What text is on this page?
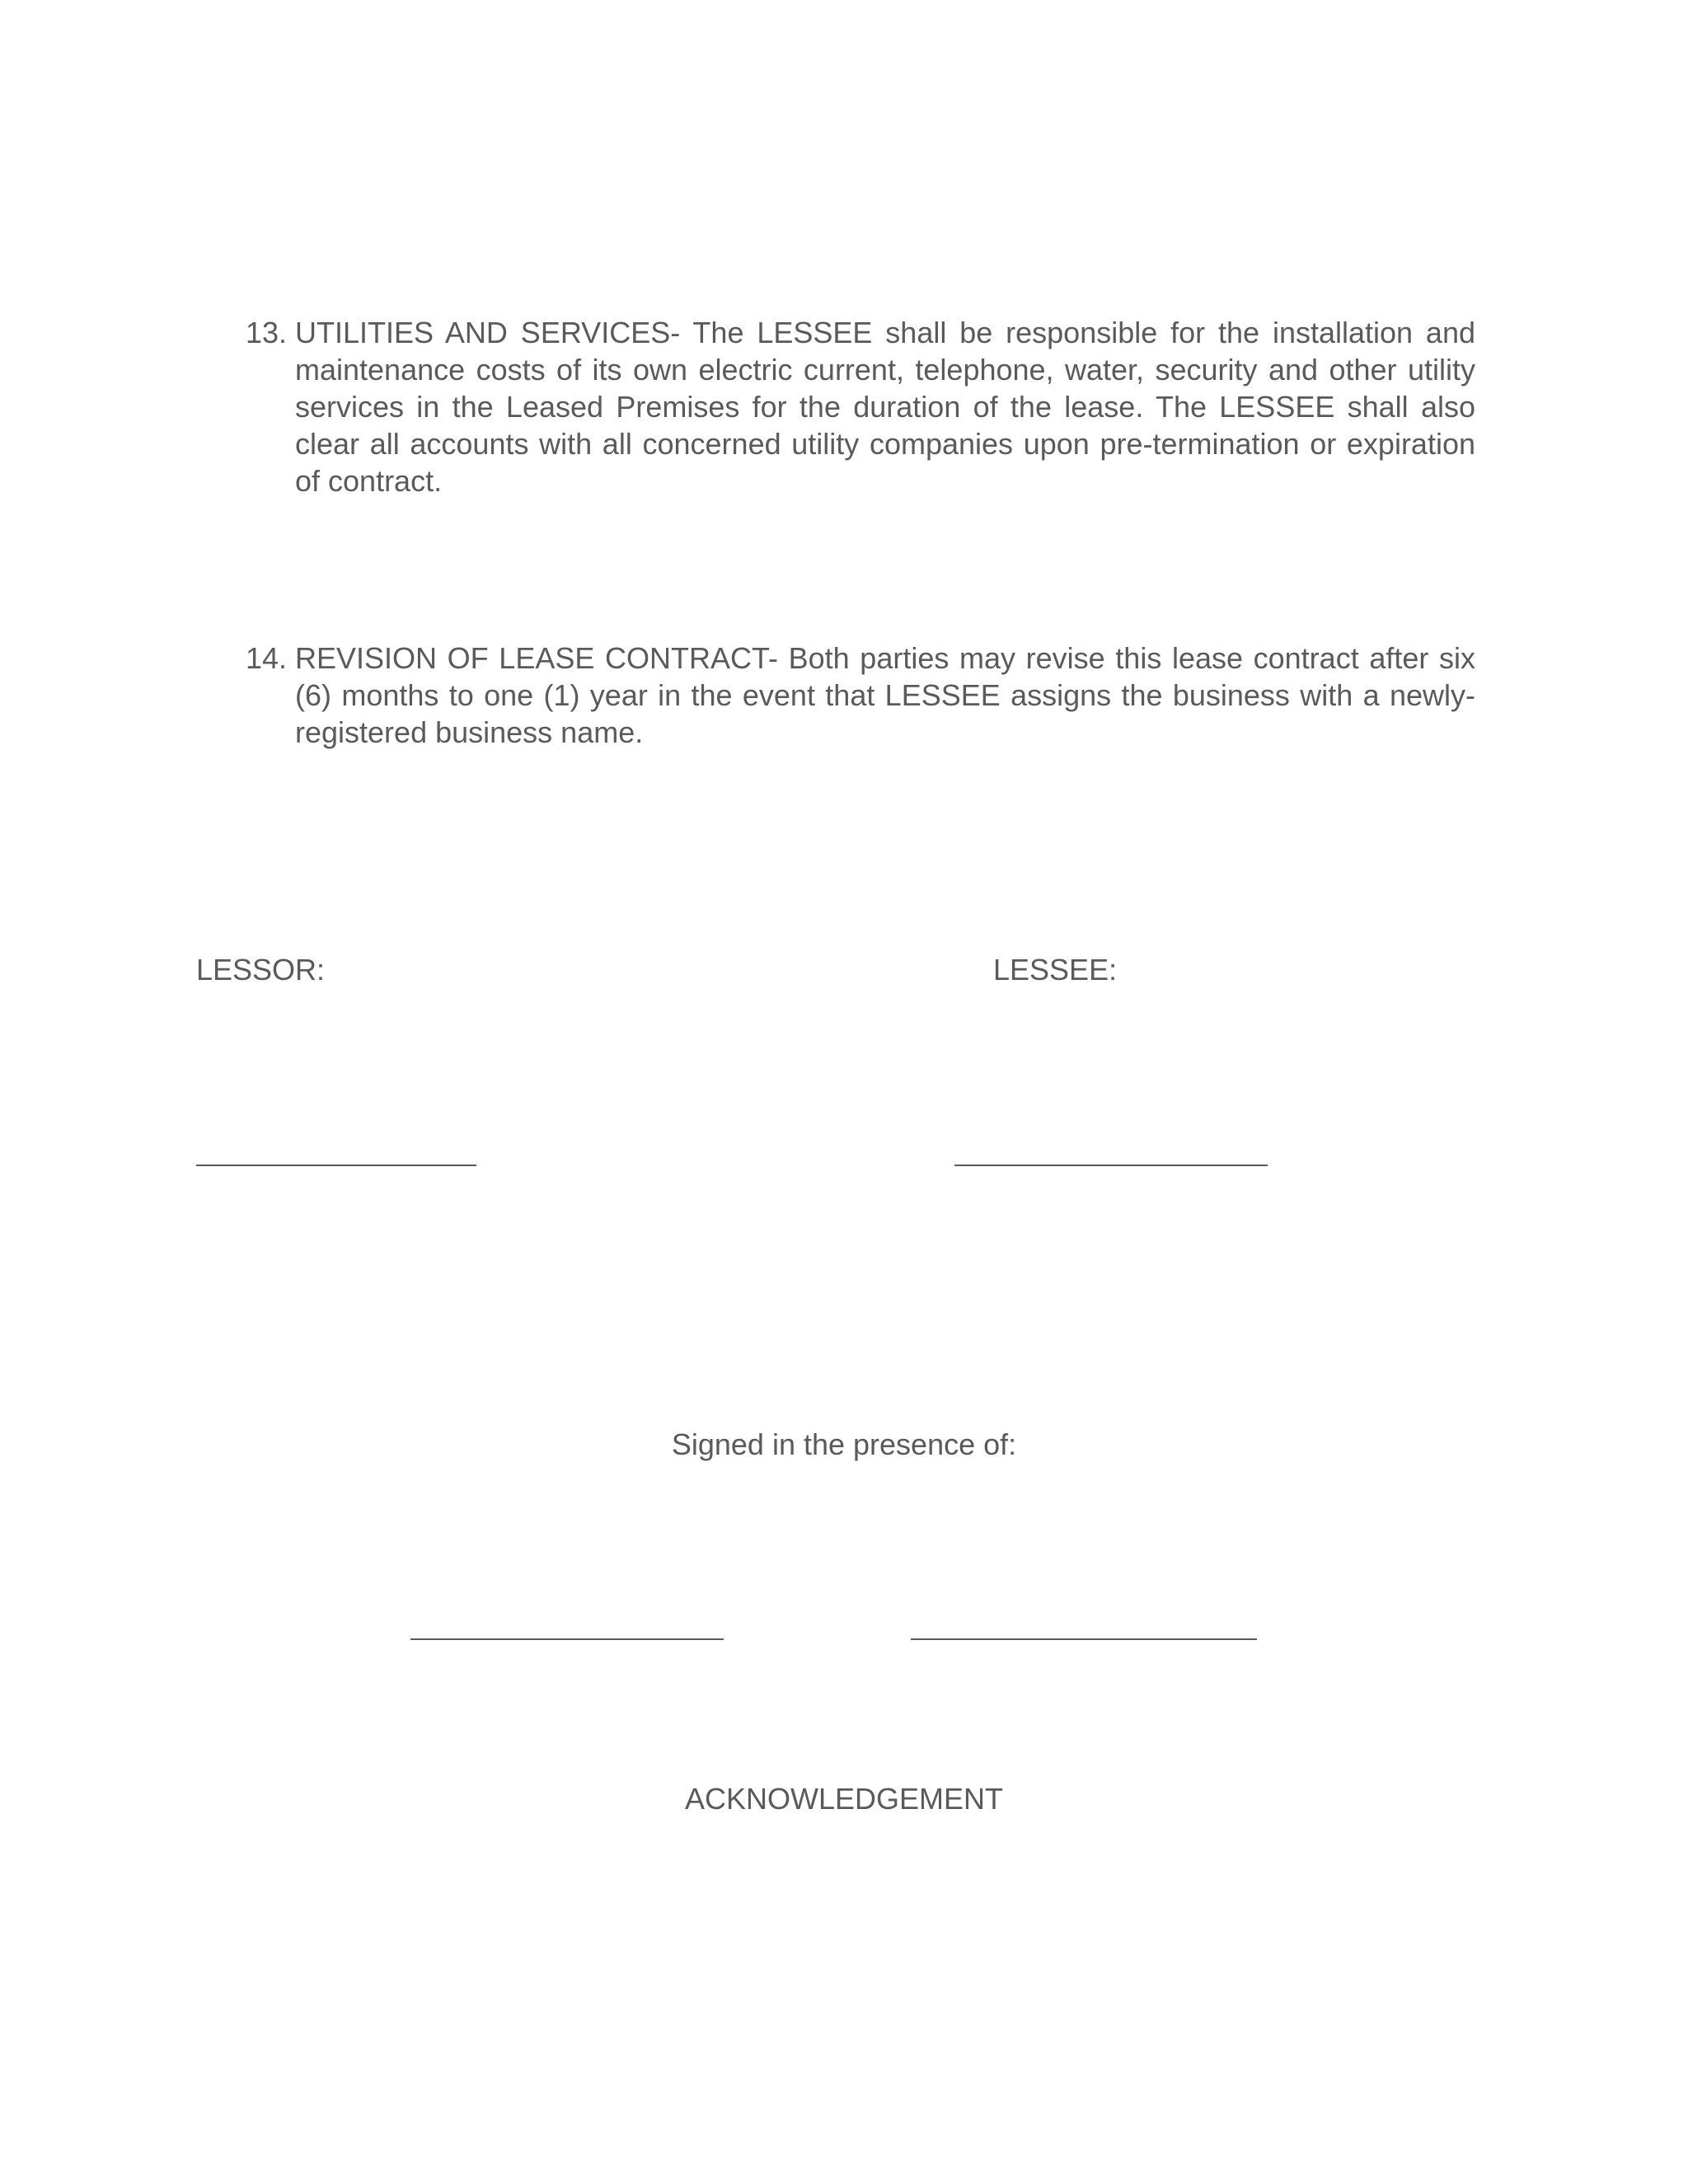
13. UTILITIES AND SERVICES- The LESSEE shall be responsible for the installation and maintenance costs of its own electric current, telephone, water, security and other utility services in the Leased Premises for the duration of the lease. The LESSEE shall also clear all accounts with all concerned utility companies upon pre-termination or expiration of contract.
14. REVISION OF LEASE CONTRACT- Both parties may revise this lease contract after six (6) months to one (1) year in the event that LESSEE assigns the business with a newly-registered business name.
LESSOR:	LESSEE:
Signed in the presence of:
ACKNOWLEDGEMENT
